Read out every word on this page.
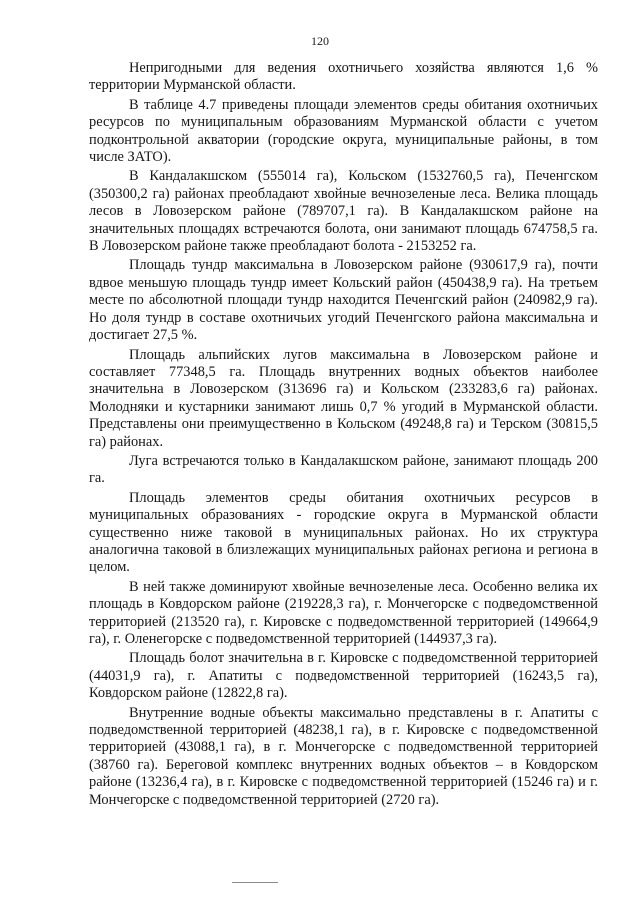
120

Непригодными для ведения охотничьего хозяйства являются 1,6 % территории Мурманской области.

В таблице 4.7 приведены площади элементов среды обитания охотничьих ресурсов по муниципальным образованиям Мурманской области с учетом подконтрольной акватории (городские округа, муниципальные районы, в том числе ЗАТО).

В Кандалакшском (555014 га), Кольском (1532760,5 га), Печенгском (350300,2 га) районах преобладают хвойные вечнозеленые леса. Велика площадь лесов в Ловозерском районе (789707,1 га). В Кандалакшском районе на значительных площадях встречаются болота, они занимают площадь 674758,5 га. В Ловозерском районе также преобладают болота - 2153252 га.

Площадь тундр максимальна в Ловозерском районе (930617,9 га), почти вдвое меньшую площадь тундр имеет Кольский район (450438,9 га). На третьем месте по абсолютной площади тундр находится Печенгский район (240982,9 га). Но доля тундр в составе охотничьих угодий Печенгского района максимальна и достигает 27,5 %.

Площадь альпийских лугов максимальна в Ловозерском районе и составляет 77348,5 га. Площадь внутренних водных объектов наиболее значительна в Ловозерском (313696 га) и Кольском (233283,6 га) районах. Молодняки и кустарники занимают лишь 0,7 % угодий в Мурманской области. Представлены они преимущественно в Кольском (49248,8 га) и Терском (30815,5 га) районах.

Луга встречаются только в Кандалакшском районе, занимают площадь 200 га.

Площадь элементов среды обитания охотничьих ресурсов в муниципальных образованиях - городские округа в Мурманской области существенно ниже таковой в муниципальных районах. Но их структура аналогична таковой в близлежащих муниципальных районах региона и региона в целом.

В ней также доминируют хвойные вечнозеленые леса. Особенно велика их площадь в Ковдорском районе (219228,3 га), г. Мончегорске с подведомственной территорией (213520 га), г. Кировске с подведомственной территорией (149664,9 га), г. Оленегорске с подведомственной территорией (144937,3 га).

Площадь болот значительна в г. Кировске с подведомственной территорией (44031,9 га), г. Апатиты с подведомственной территорией (16243,5 га), Ковдорском районе (12822,8 га).

Внутренние водные объекты максимально представлены в г. Апатиты с подведомственной территорией (48238,1 га), в г. Кировске с подведомственной территорией (43088,1 га), в г. Мончегорске с подведомственной территорией (38760 га). Береговой комплекс внутренних водных объектов – в Ковдорском районе (13236,4 га), в г. Кировске с подведомственной территорией (15246 га) и г. Мончегорске с подведомственной территорией (2720 га).
